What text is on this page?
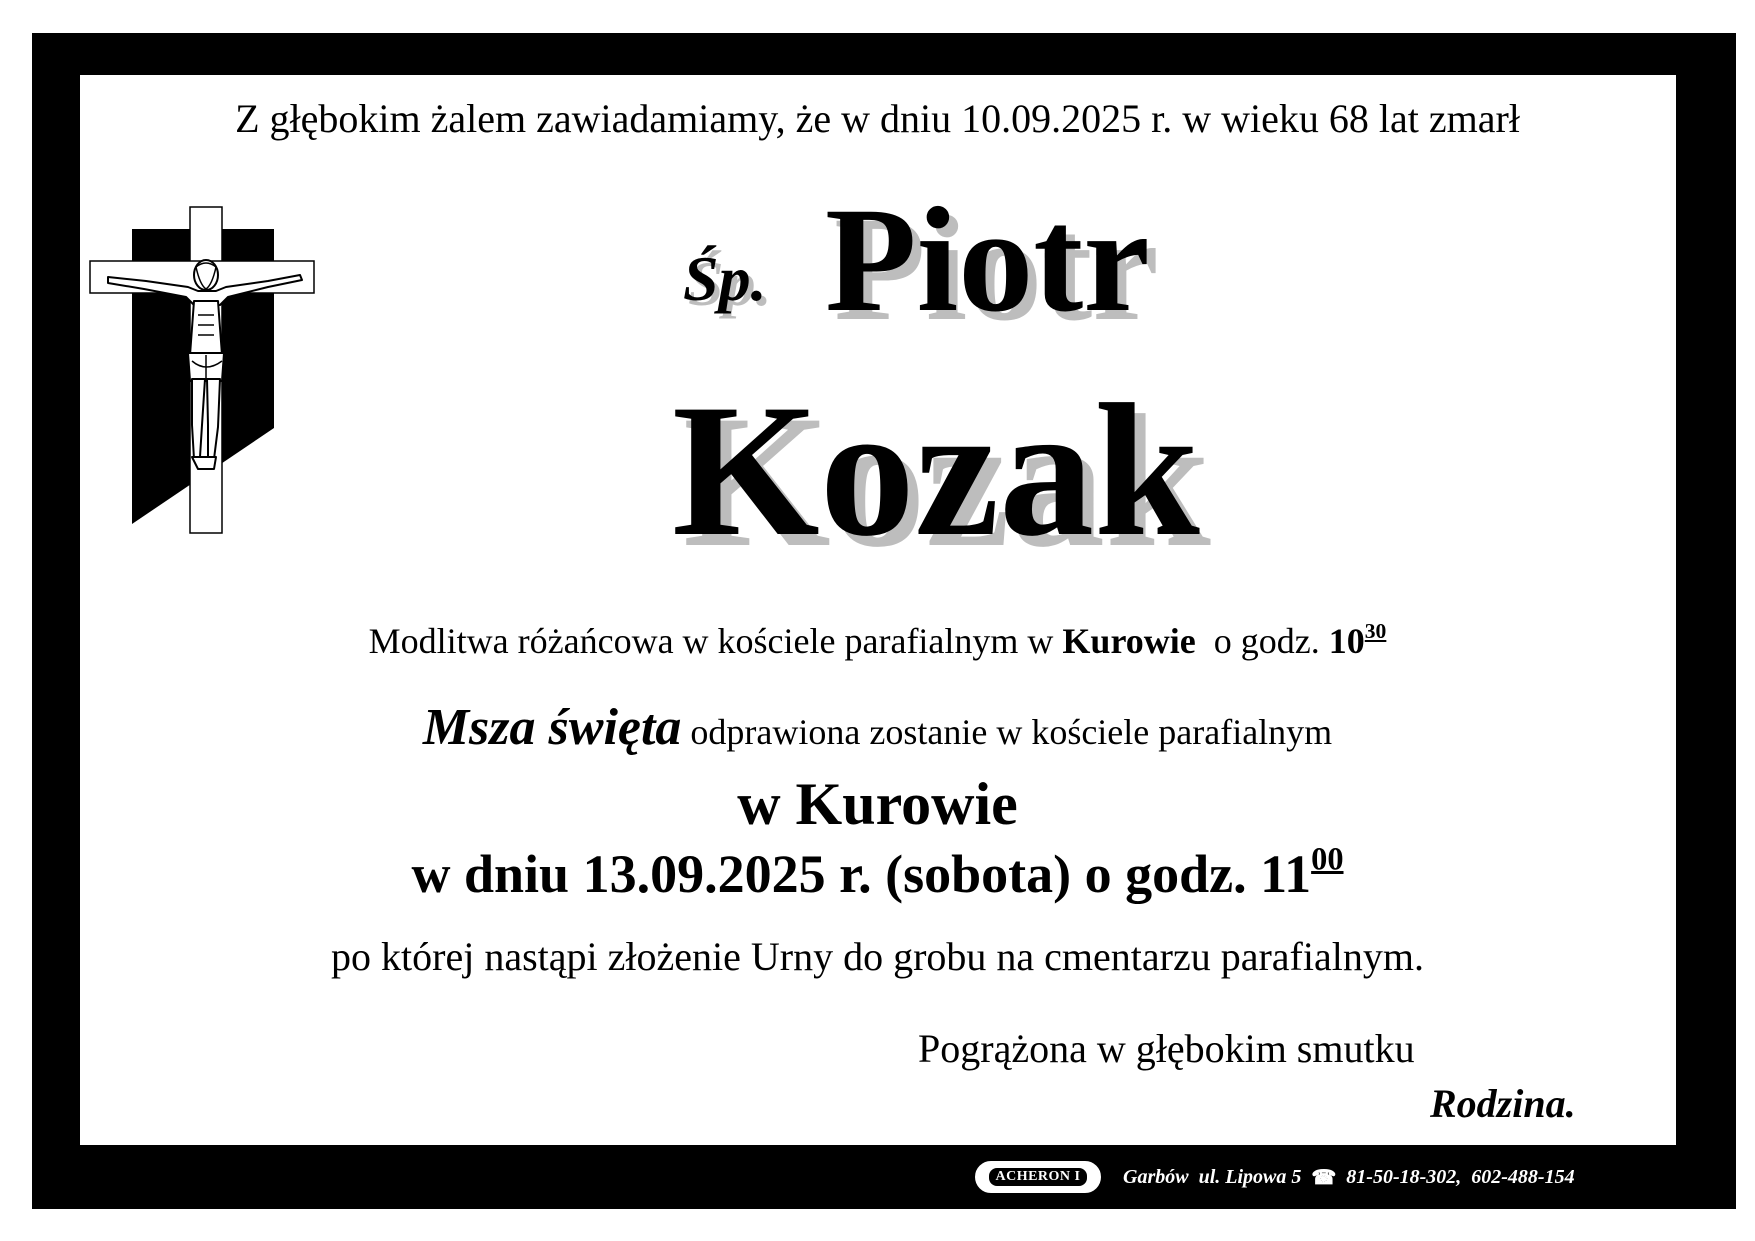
Z głębokim żalem zawiadamiamy, że w dniu 10.09.2025 r. w wieku 68 lat zmarł
Śp. Piotr
Kozak
Modlitwa różańcowa w kościele parafialnym w Kurowie  o godz. $10^{30}$
Msza święta odprawiona zostanie w kościele parafialnym
w Kurowie
w dniu 13.09.2025 r. (sobota) o godz. $11^{00}$
po której nastąpi złożenie Urny do grobu na cmentarzu parafialnym.
Pogrążona w głębokim smutku
Rodzina.
ACHERON I	Garbów  ul. Lipowa 5 ☎ 81-50-18-302,  602-488-154
